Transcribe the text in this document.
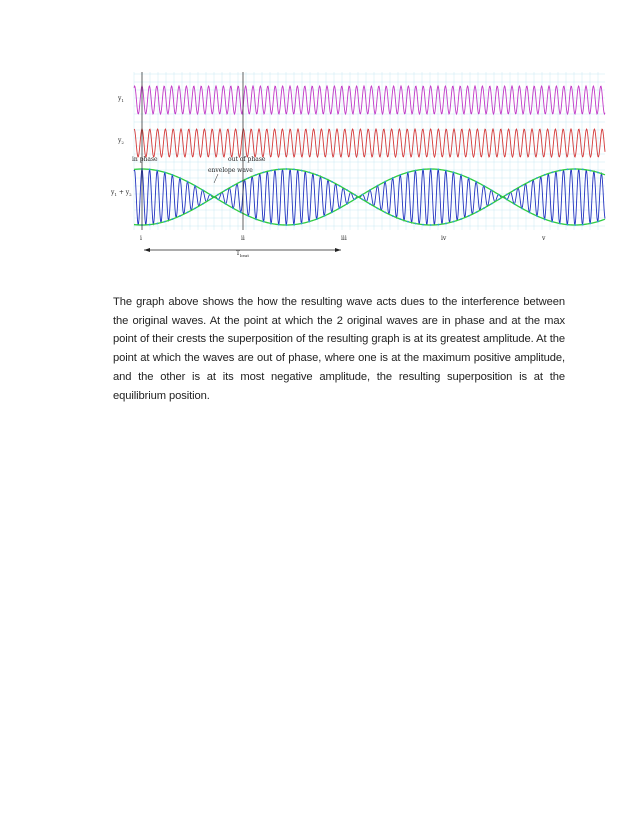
$y_1$
$y_2$
$y_1 + y_2$
in phase	out of phase
envelope wave
i	ii	iii	iv	v
$T_{beat}$

The graph above shows the how the resulting wave acts dues to the interference between the original waves. At the point at which the 2 original waves are in phase and at the max point of their crests the superposition of the resulting graph is at its greatest amplitude. At the point at which the waves are out of phase, where one is at the maximum positive amplitude, and the other is at its most negative amplitude, the resulting superposition is at the equilibrium position.
